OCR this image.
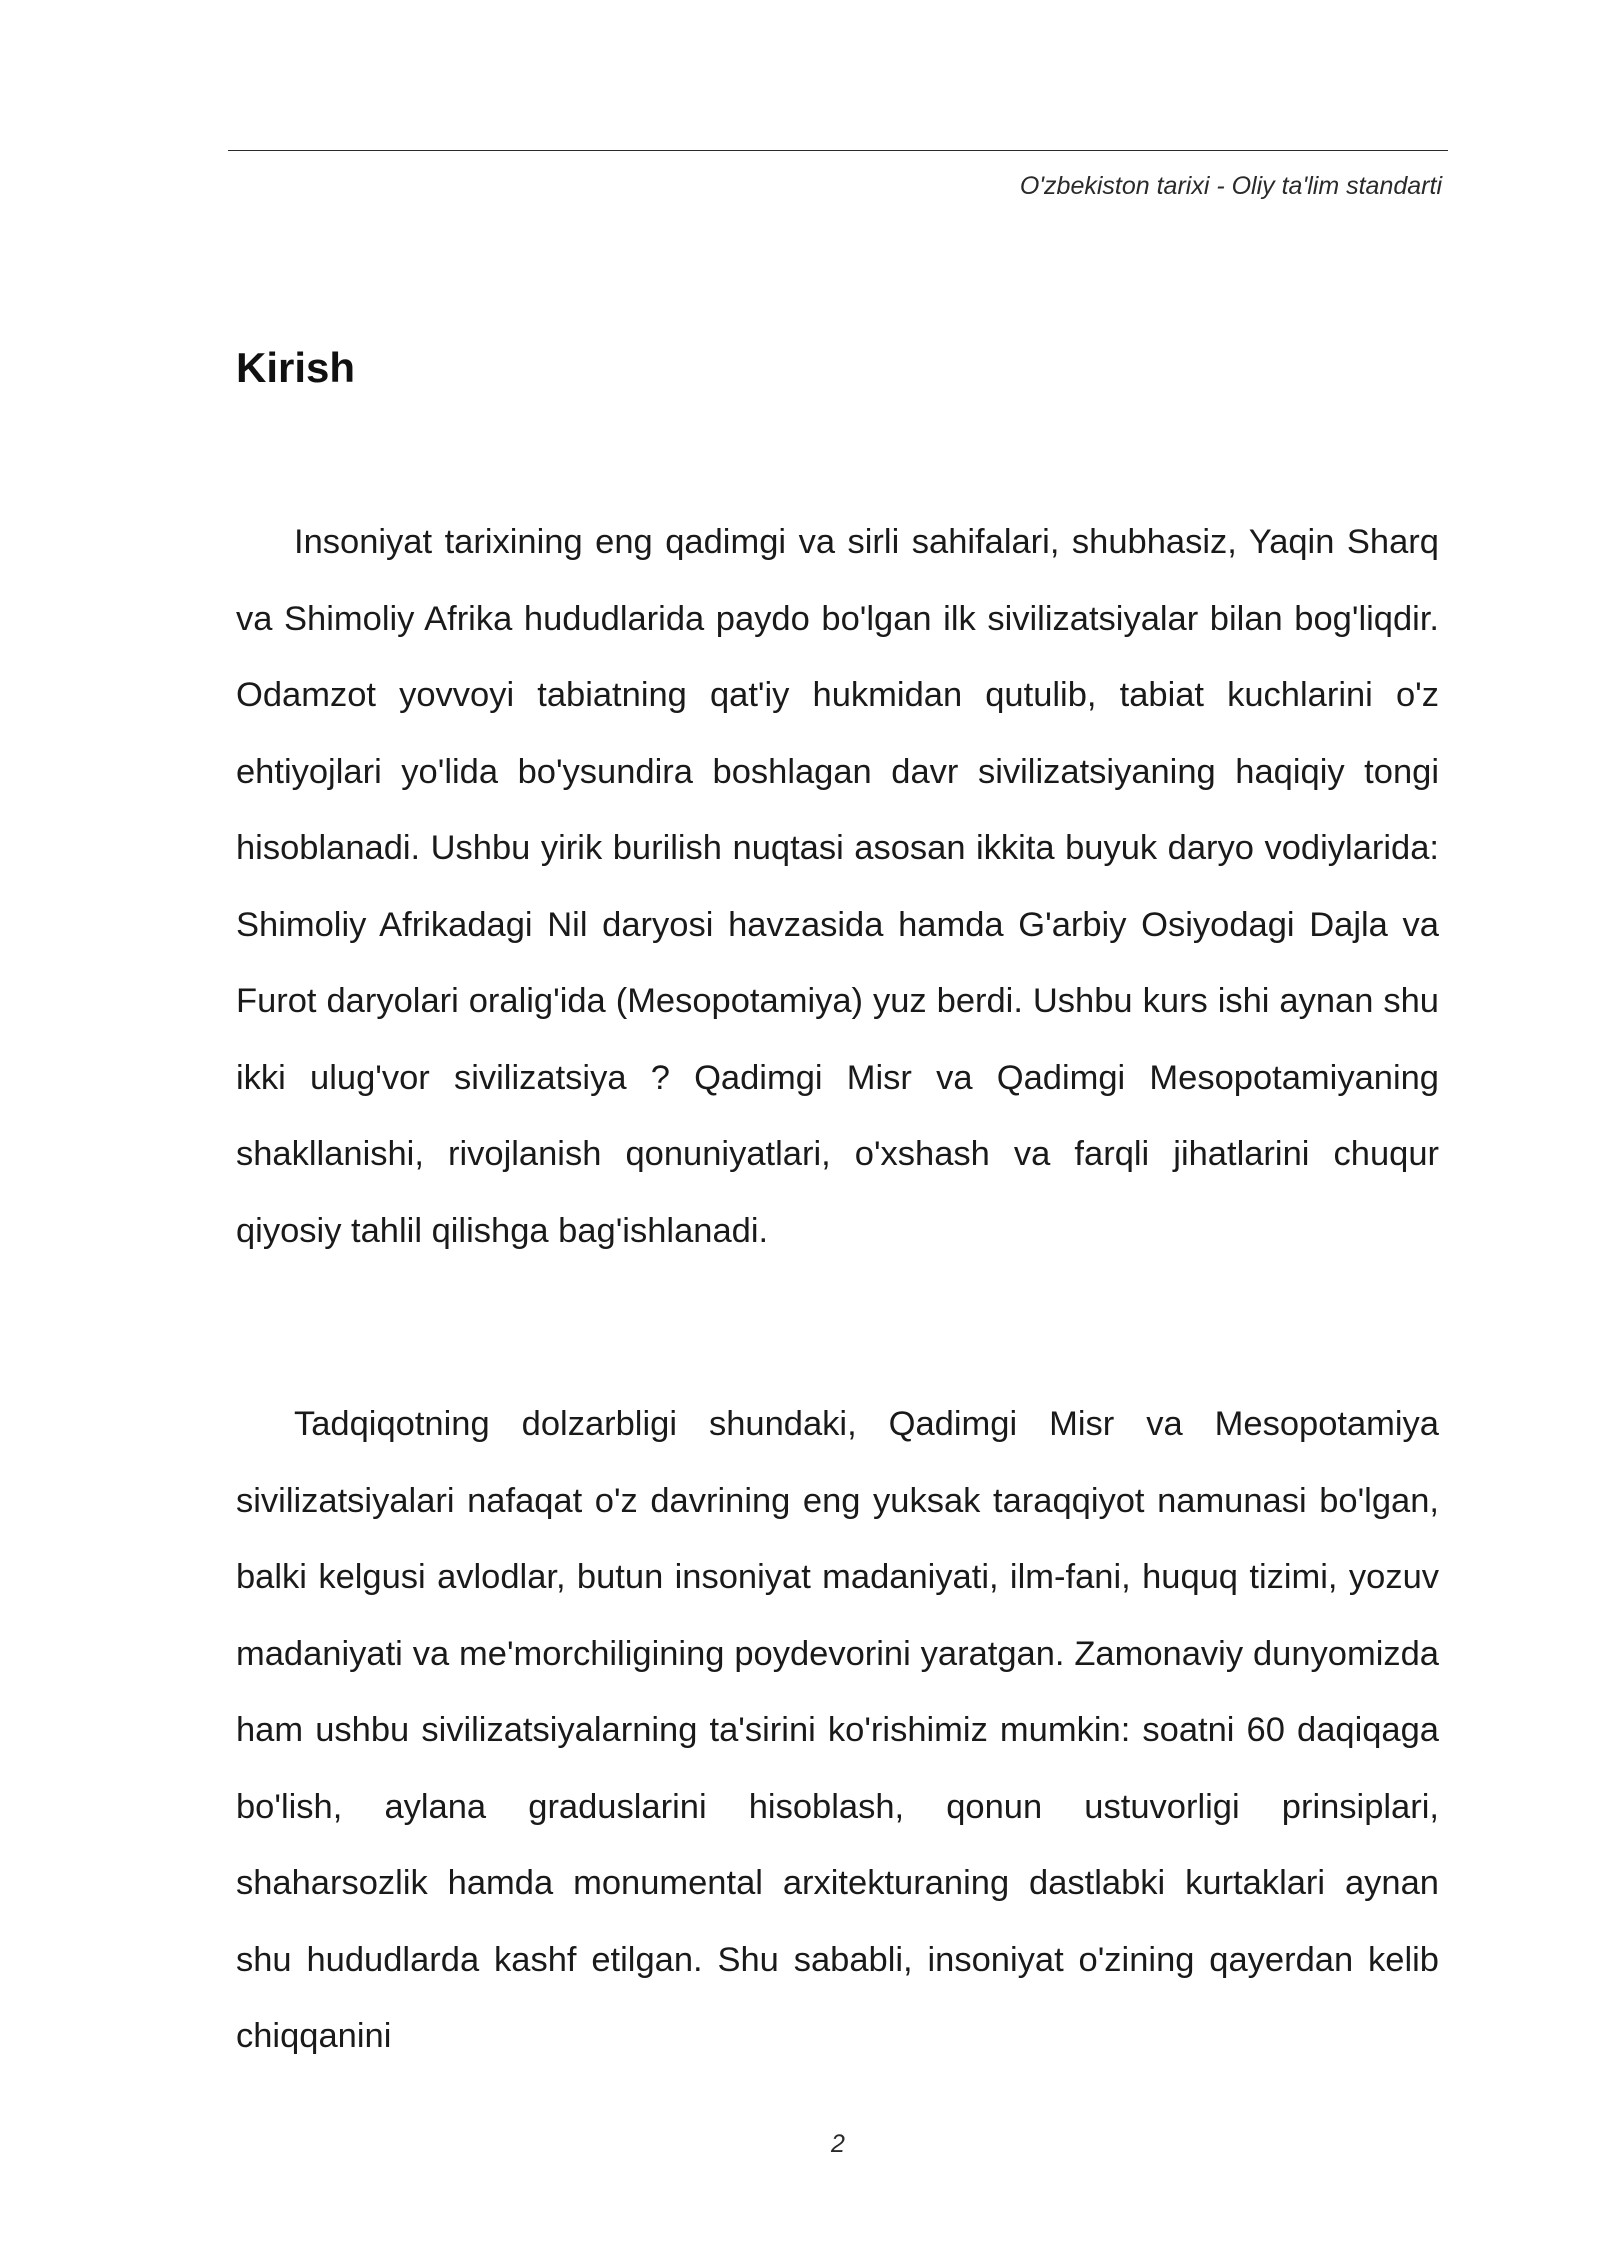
O'zbekiston tarixi - Oliy ta'lim standarti
Kirish

Insoniyat tarixining eng qadimgi va sirli sahifalari, shubhasiz, Yaqin Sharq va Shimoliy Afrika hududlarida paydo bo'lgan ilk sivilizatsiyalar bilan bog'liqdir. Odamzot yovvoyi tabiatning qat'iy hukmidan qutulib, tabiat kuchlarini o'z ehtiyojlari yo'lida bo'ysundira boshlagan davr sivilizatsiyaning haqiqiy tongi hisoblanadi. Ushbu yirik burilish nuqtasi asosan ikkita buyuk daryo vodiylarida: Shimoliy Afrikadagi Nil daryosi havzasida hamda G'arbiy Osiyodagi Dajla va Furot daryolari oralig'ida (Mesopotamiya) yuz berdi. Ushbu kurs ishi aynan shu ikki ulug'vor sivilizatsiya ? Qadimgi Misr va Qadimgi Mesopotamiyaning shakllanishi, rivojlanish qonuniyatlari, o'xshash va farqli jihatlarini chuqur qiyosiy tahlil qilishga bag'ishlanadi.

Tadqiqotning dolzarbligi shundaki, Qadimgi Misr va Mesopotamiya sivilizatsiyalari nafaqat o'z davrining eng yuksak taraqqiyot namunasi bo'lgan, balki kelgusi avlodlar, butun insoniyat madaniyati, ilm-fani, huquq tizimi, yozuv madaniyati va me'morchiligining poydevorini yaratgan. Zamonaviy dunyomizda ham ushbu sivilizatsiyalarning ta'sirini ko'rishimiz mumkin: soatni 60 daqiqaga bo'lish, aylana graduslarini hisoblash, qonun ustuvorligi prinsiplari, shaharsozlik hamda monumental arxitekturaning dastlabki kurtaklari aynan shu hududlarda kashf etilgan. Shu sababli, insoniyat o'zining qayerdan kelib chiqqanini

2
